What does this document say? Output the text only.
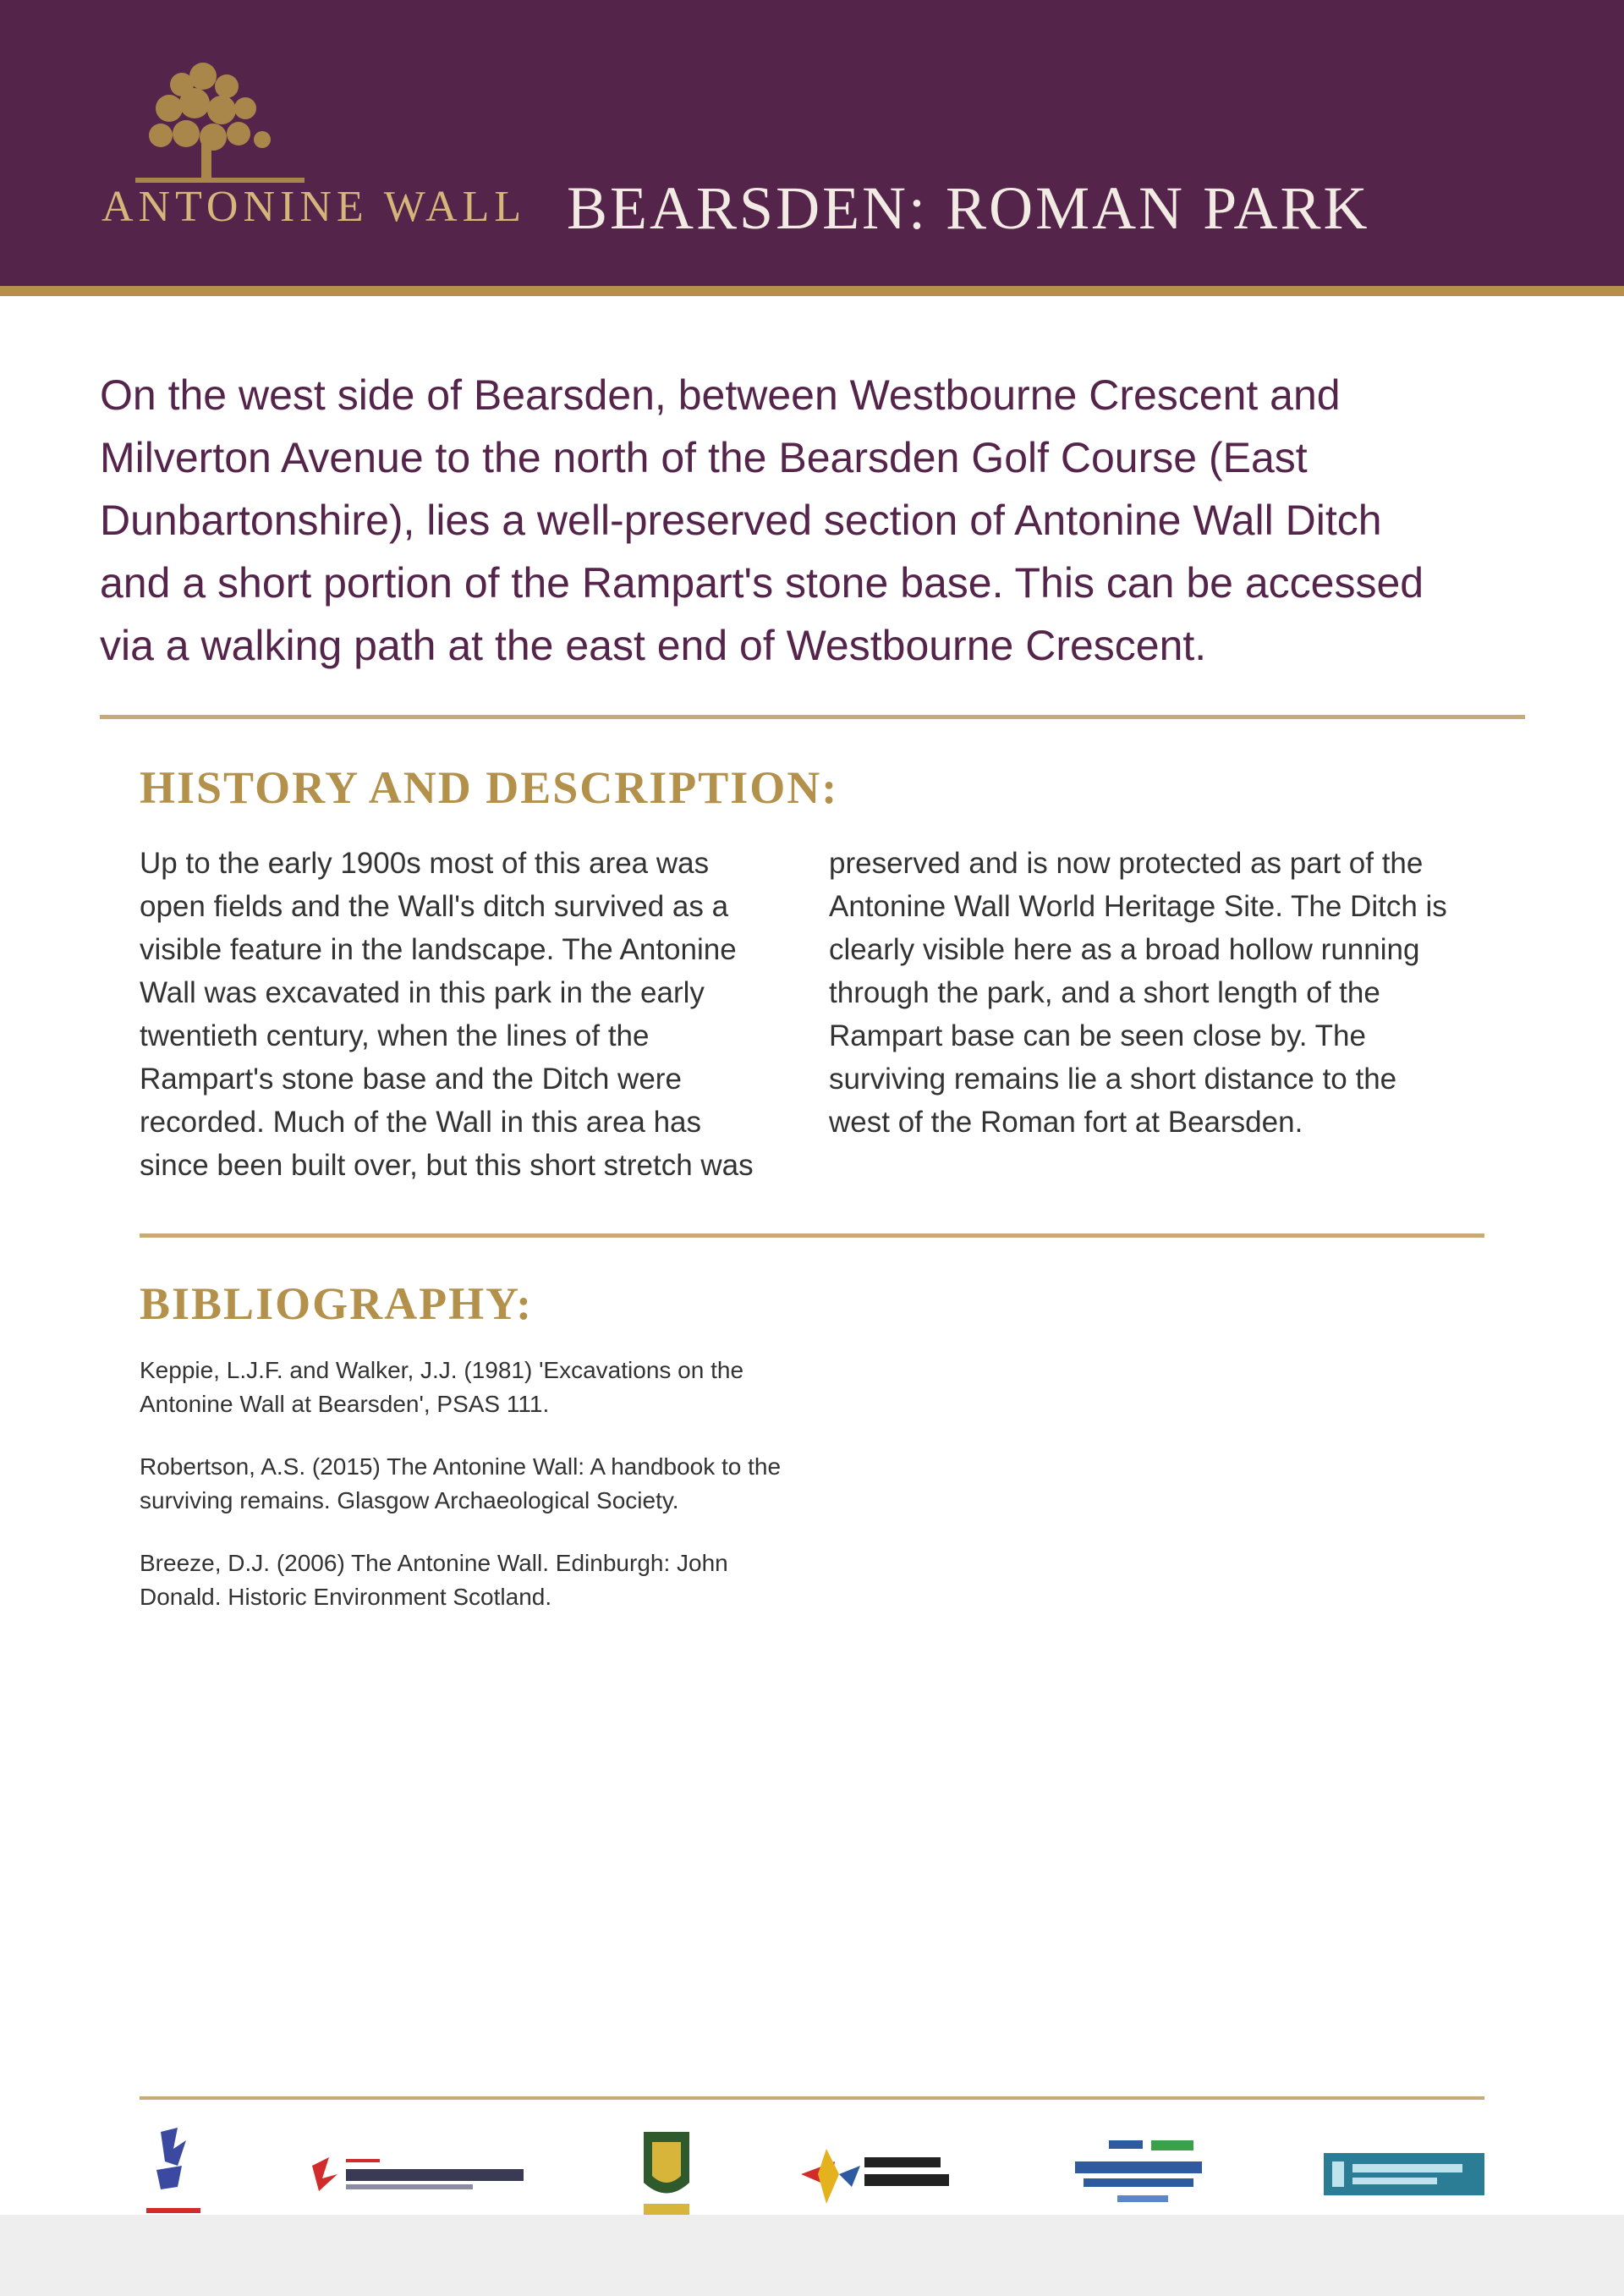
ANTONINE WALL BEARSDEN: ROMAN PARK

On the west side of Bearsden, between Westbourne Crescent and Milverton Avenue to the north of the Bearsden Golf Course (East Dunbartonshire), lies a well-preserved section of Antonine Wall Ditch and a short portion of the Rampart's stone base. This can be accessed via a walking path at the east end of Westbourne Crescent.

HISTORY AND DESCRIPTION:

Up to the early 1900s most of this area was open fields and the Wall's ditch survived as a visible feature in the landscape. The Antonine Wall was excavated in this park in the early twentieth century, when the lines of the Rampart's stone base and the Ditch were recorded. Much of the Wall in this area has since been built over, but this short stretch was preserved and is now protected as part of the Antonine Wall World Heritage Site. The Ditch is clearly visible here as a broad hollow running through the park, and a short length of the Rampart base can be seen close by. The surviving remains lie a short distance to the west of the Roman fort at Bearsden.

BIBLIOGRAPHY:
Keppie, L.J.F. and Walker, J.J. (1981) 'Excavations on the Antonine Wall at Bearsden', PSAS 111.
Robertson, A.S. (2015) The Antonine Wall: A handbook to the surviving remains. Glasgow Archaeological Society.
Breeze, D.J. (2006) The Antonine Wall. Edinburgh: John Donald. Historic Environment Scotland.
